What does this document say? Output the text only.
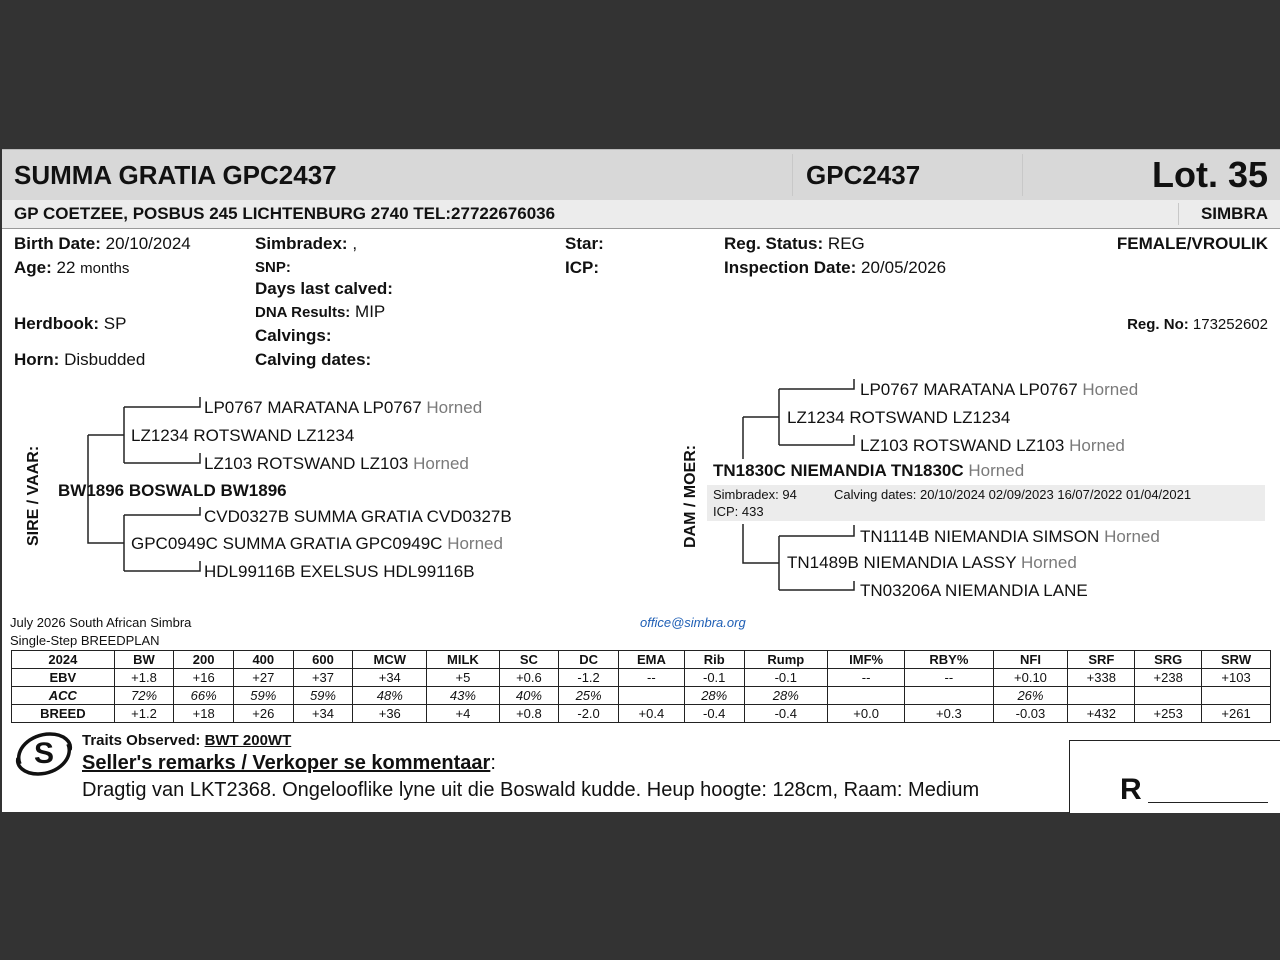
SUMMA GRATIA GPC2437	GPC2437	Lot. 35
GP COETZEE, POSBUS 245 LICHTENBURG 2740 TEL:27722676036	SIMBRA
Birth Date: 20/10/2024
Age: 22 months
Herdbook: SP
Horn: Disbudded
Simbradex: ,
SNP:
Days last calved:
DNA Results: MIP
Calvings:
Calving dates:
Star:
ICP:
Reg. Status: REG
Inspection Date: 20/05/2026
FEMALE/VROULIK
Reg. No: 173252602
SIRE / VAAR: BW1896 BOSWALD BW1896
LZ1234 ROTSWAND LZ1234
LP0767 MARATANA LP0767 Horned
LZ103 ROTSWAND LZ103 Horned
GPC0949C SUMMA GRATIA GPC0949C Horned
CVD0327B SUMMA GRATIA CVD0327B
HDL99116B EXELSUS HDL99116B
DAM / MOER: TN1830C NIEMANDIA TN1830C Horned
Simbradex: 94	Calving dates: 20/10/2024 02/09/2023 16/07/2022 01/04/2021
ICP: 433
LZ1234 ROTSWAND LZ1234
LP0767 MARATANA LP0767 Horned
LZ103 ROTSWAND LZ103 Horned
TN1489B NIEMANDIA LASSY Horned
TN1114B NIEMANDIA SIMSON Horned
TN03206A NIEMANDIA LANE
July 2026 South African Simbra
Single-Step BREEDPLAN
office@simbra.org
2024	BW	200	400	600	MCW	MILK	SC	DC	EMA	Rib	Rump	IMF%	RBY%	NFI	SRF	SRG	SRW
EBV	+1.8	+16	+27	+37	+34	+5	+0.6	-1.2	--	-0.1	-0.1	--	--	+0.10	+338	+238	+103
ACC	72%	66%	59%	59%	48%	43%	40%	25%		28%	28%			26%			
BREED	+1.2	+18	+26	+34	+36	+4	+0.8	-2.0	+0.4	-0.4	-0.4	+0.0	+0.3	-0.03	+432	+253	+261
S Traits Observed: BWT 200WT
Seller's remarks / Verkoper se kommentaar:
Dragtig van LKT2368. Ongelooflike lyne uit die Boswald kudde. Heup hoogte: 128cm, Raam: Medium	R
